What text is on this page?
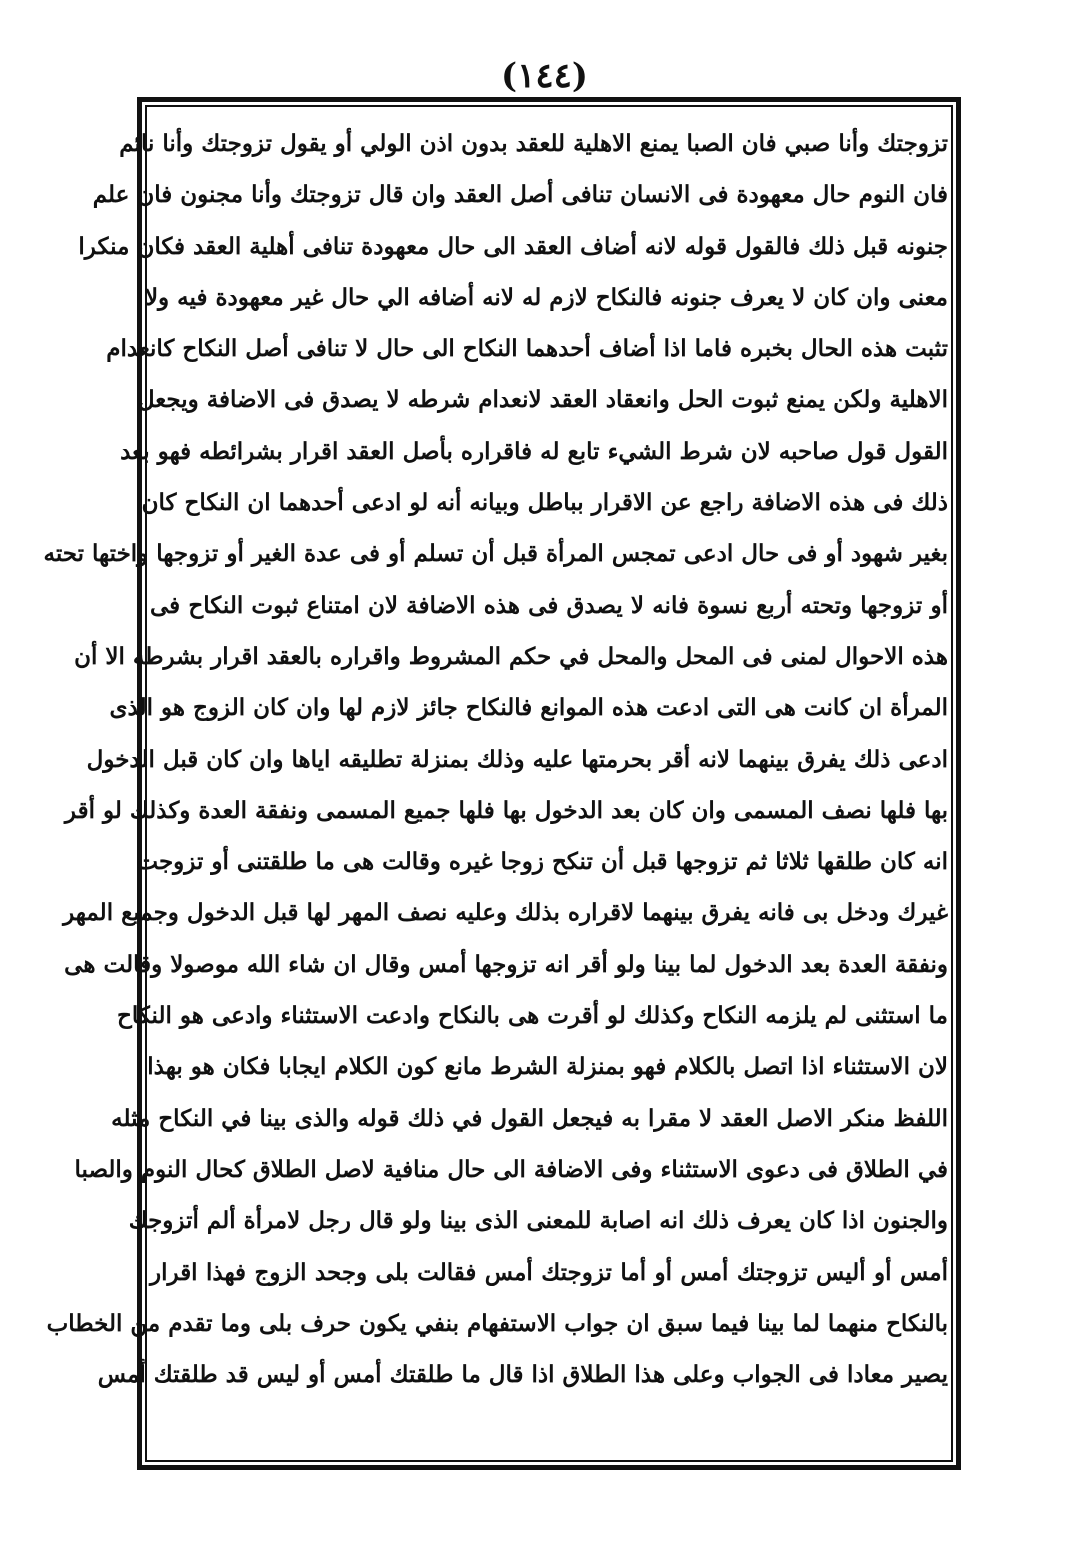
(١٤٤)
تزوجتك وأنا صبي فان الصبا يمنع الاهلية للعقد بدون اذن الولي أو يقول تزوجتك وأنا نائم
فان النوم حال معهودة فى الانسان تنافى أصل العقد وان قال تزوجتك وأنا مجنون فان علم
جنونه قبل ذلك فالقول قوله لانه أضاف العقد الى حال معهودة تنافى أهلية العقد فكان منكرا
معنى وان كان لا يعرف جنونه فالنكاح لازم له لانه أضافه الي حال غير معهودة فيه ولا
تثبت هذه الحال بخبره فاما اذا أضاف أحدهما النكاح الى حال لا تنافى أصل النكاح كانعدام
الاهلية ولكن يمنع ثبوت الحل وانعقاد العقد لانعدام شرطه لا يصدق فى الاضافة ويجعل
القول قول صاحبه لان شرط الشيء تابع له فاقراره بأصل العقد اقرار بشرائطه فهو بعد
ذلك فى هذه الاضافة راجع عن الاقرار بباطل وبيانه أنه لو ادعى أحدهما ان النكاح كان
بغير شهود أو فى حال ادعى تمجس المرأة قبل أن تسلم أو فى عدة الغير أو تزوجها واختها تحته
أو تزوجها وتحته أربع نسوة فانه لا يصدق فى هذه الاضافة لان امتناع ثبوت النكاح فى
هذه الاحوال لمنى فى المحل والمحل في حكم المشروط واقراره بالعقد اقرار بشرطه الا أن
المرأة ان كانت هى التى ادعت هذه الموانع فالنكاح جائز لازم لها وان كان الزوج هو الذى
ادعى ذلك يفرق بينهما لانه أقر بحرمتها عليه وذلك بمنزلة تطليقه اياها وان كان قبل الدخول
بها فلها نصف المسمى وان كان بعد الدخول بها فلها جميع المسمى ونفقة العدة وكذلك لو أقر
انه كان طلقها ثلاثا ثم تزوجها قبل أن تنكح زوجا غيره وقالت هى ما طلقتنى أو تزوجت
غيرك ودخل بى فانه يفرق بينهما لاقراره بذلك وعليه نصف المهر لها قبل الدخول وجميع المهر
ونفقة العدة بعد الدخول لما بينا ولو أقر انه تزوجها أمس وقال ان شاء الله موصولا وقالت هى
ما استثنى لم يلزمه النكاح وكذلك لو أقرت هى بالنكاح وادعت الاستثناء وادعى هو النكاح
لان الاستثناء اذا اتصل بالكلام فهو بمنزلة الشرط مانع كون الكلام ايجابا فكان هو بهذا
اللفظ منكر الاصل العقد لا مقرا به فيجعل القول في ذلك قوله والذى بينا في النكاح مثله
في الطلاق فى دعوى الاستثناء وفى الاضافة الى حال منافية لاصل الطلاق كحال النوم والصبا
والجنون اذا كان يعرف ذلك انه اصابة للمعنى الذى بينا ولو قال رجل لامرأة ألم أتزوجك
أمس أو أليس تزوجتك أمس أو أما تزوجتك أمس فقالت بلى وجحد الزوج فهذا اقرار
بالنكاح منهما لما بينا فيما سبق ان جواب الاستفهام بنفي يكون حرف بلى وما تقدم من الخطاب
يصير معادا فى الجواب وعلى هذا الطلاق اذا قال ما طلقتك أمس أو ليس قد طلقتك أمس
